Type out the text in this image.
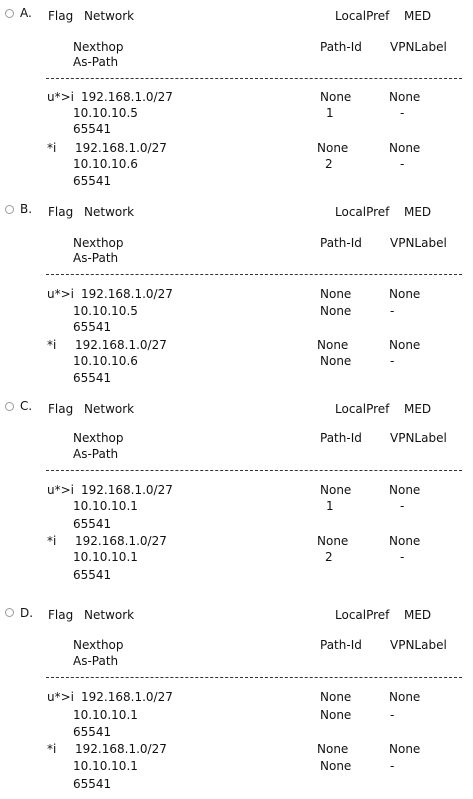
A. Flag Network	LocalPref MED
Nexthop	Path-Id VPNLabel
As-Path
u*>i 192.168.1.0/27	None	None
10.10.10.5	1	-
65541
*i 192.168.1.0/27	None	None
10.10.10.6	2	-
65541
B. Flag Network	LocalPref MED
Nexthop	Path-Id VPNLabel
As-Path
u*>i 192.168.1.0/27	None	None
10.10.10.5	None	-
65541
*i 192.168.1.0/27	None	None
10.10.10.6	None	-
65541
C. Flag Network	LocalPref MED
Nexthop	Path-Id VPNLabel
As-Path
u*>i 192.168.1.0/27	None	None
10.10.10.1	1	-
65541
*i 192.168.1.0/27	None	None
10.10.10.1	2	-
65541
D. Flag Network	LocalPref MED
Nexthop	Path-Id VPNLabel
As-Path
u*>i 192.168.1.0/27	None	None
10.10.10.1	None	-
65541
*i 192.168.1.0/27	None	None
10.10.10.1	None	-
65541
